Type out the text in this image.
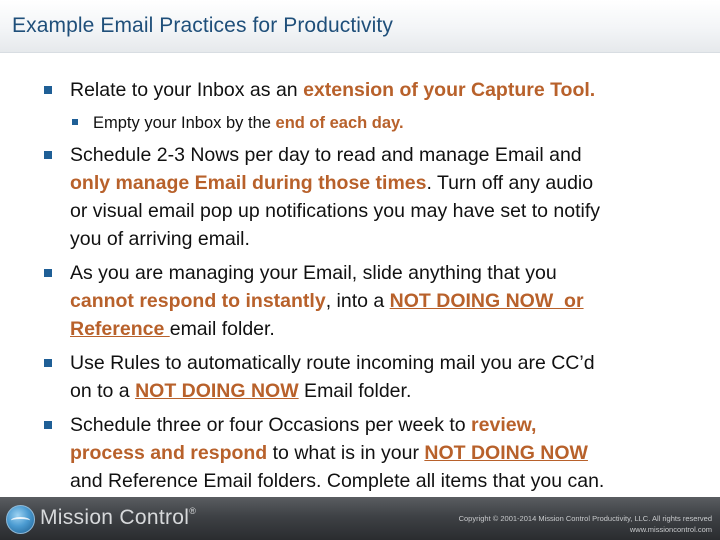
Example Email Practices for Productivity
Relate to your Inbox as an extension of your Capture Tool.
Empty your Inbox by the end of each day.
Schedule 2-3 Nows per day to read and manage Email and
only manage Email during those times. Turn off any audio
or visual email pop up notifications you may have set to notify
you of arriving email.
As you are managing your Email, slide anything that you
cannot respond to instantly, into a NOT DOING NOW  or
Reference email folder.
Use Rules to automatically route incoming mail you are CC’d
on to a NOT DOING NOW Email folder.
Schedule three or four Occasions per week to review,
process and respond to what is in your NOT DOING NOW
and Reference Email folders. Complete all items that you can.
Mission Control®
Copyright © 2001-2014 Mission Control Productivity, LLC. All rights reserved
www.missioncontrol.com
